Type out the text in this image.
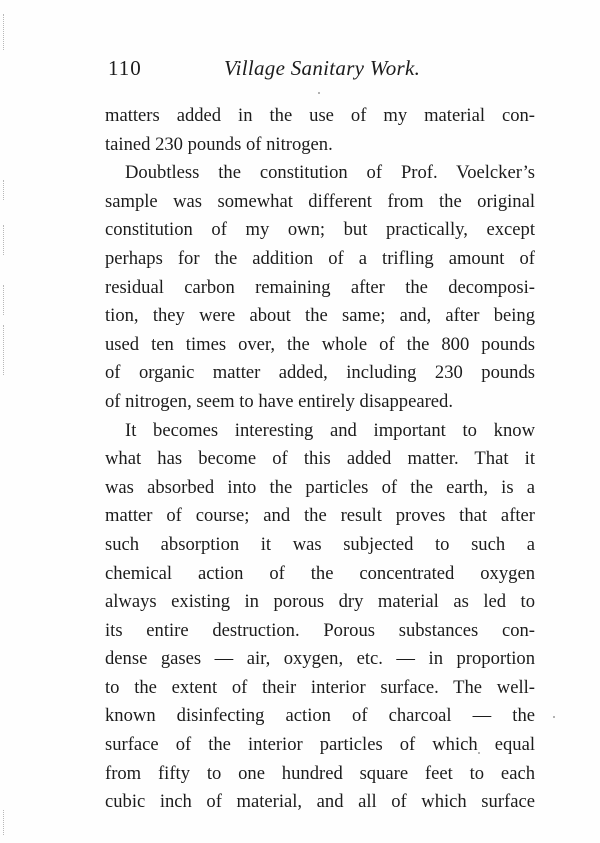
110	Village Sanitary Work.
matters added in the use of my material con-
tained 230 pounds of nitrogen.
Doubtless the constitution of Prof. Voelcker’s
sample was somewhat different from the original
constitution of my own; but practically, except
perhaps for the addition of a trifling amount of
residual carbon remaining after the decomposi-
tion, they were about the same; and, after being
used ten times over, the whole of the 800 pounds
of organic matter added, including 230 pounds
of nitrogen, seem to have entirely disappeared.
It becomes interesting and important to know
what has become of this added matter. That it
was absorbed into the particles of the earth, is a
matter of course; and the result proves that after
such absorption it was subjected to such a
chemical action of the concentrated oxygen
always existing in porous dry material as led to
its entire destruction. Porous substances con-
dense gases — air, oxygen, etc. — in proportion
to the extent of their interior surface. The well-
known disinfecting action of charcoal — the
surface of the interior particles of which equal
from fifty to one hundred square feet to each
cubic inch of material, and all of which surface
